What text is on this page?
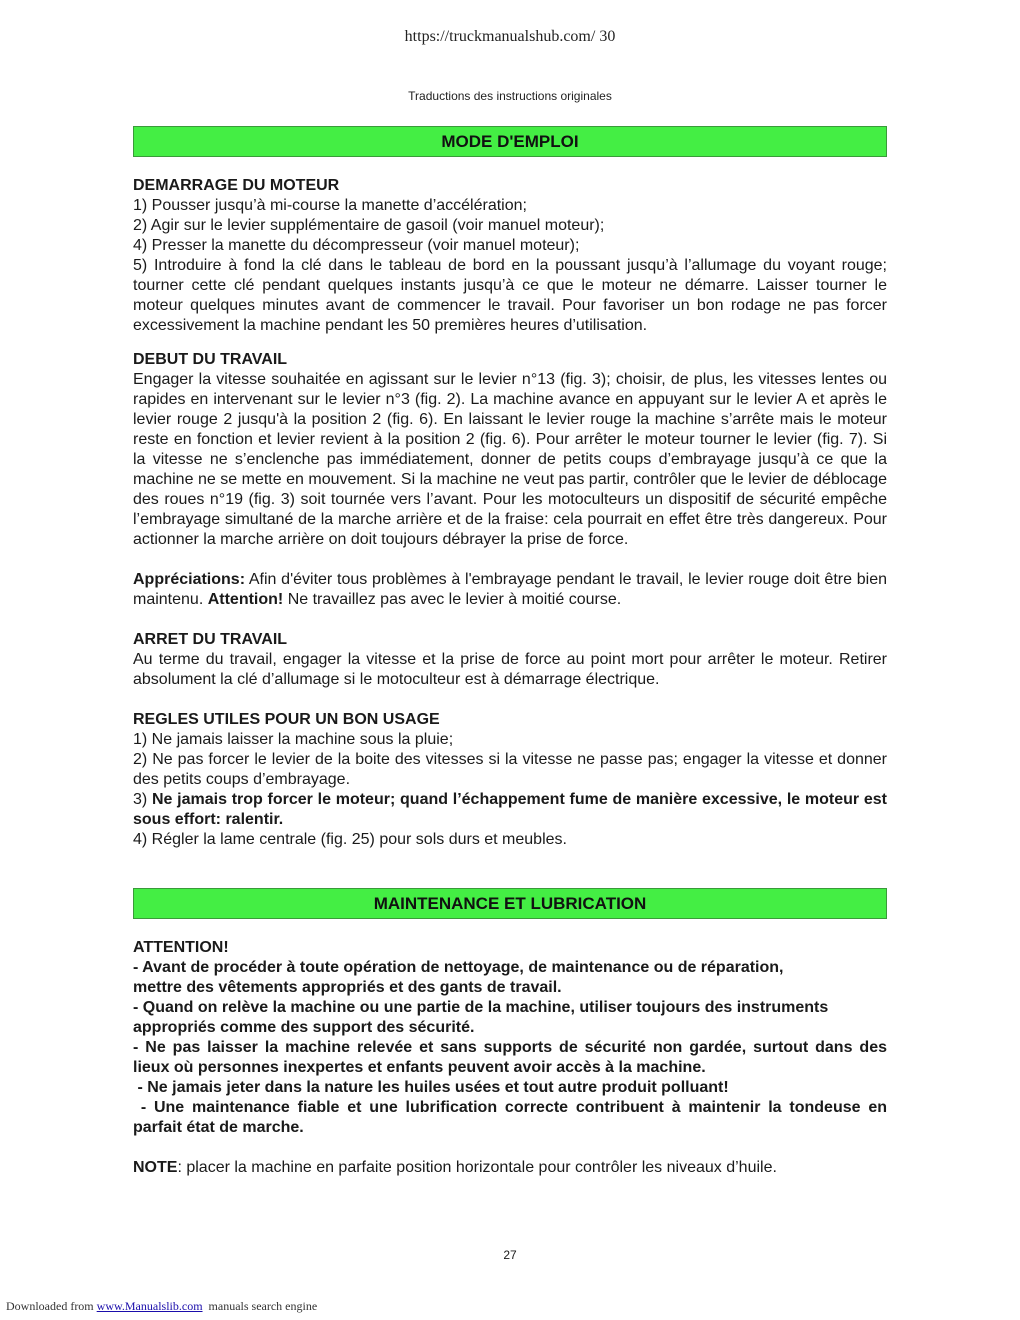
https://truckmanualshub.com/ 30
Traductions des instructions originales
MODE D'EMPLOI

DEMARRAGE DU MOTEUR

1) Pousser jusqu’à mi-course la manette d’accélération;

2) Agir sur le levier supplémentaire de gasoil (voir manuel moteur);

4) Presser la manette du décompresseur (voir manuel moteur);

5) Introduire à fond la clé dans le tableau de bord en la poussant jusqu’à l’allumage du voyant rouge; tourner cette clé pendant quelques instants jusqu’à ce que le moteur ne démarre. Laisser tourner le moteur quelques minutes avant de commencer le travail. Pour favoriser un bon rodage ne pas forcer excessivement la machine pendant les 50 premières heures d’utilisation.

DEBUT DU TRAVAIL

Engager la vitesse souhaitée en agissant sur le levier n°13 (fig. 3); choisir, de plus, les vitesses lentes ou rapides en intervenant sur le levier n°3 (fig. 2). La machine avance en appuyant sur le levier A et après le levier rouge 2 jusqu'à la position 2 (fig. 6). En laissant le levier rouge la machine s’arrête mais le moteur reste en fonction et levier revient à la position 2 (fig. 6). Pour arrêter le moteur tourner le levier (fig. 7). Si la vitesse ne s’enclenche pas immédiatement, donner de petits coups d’embrayage jusqu’à ce que la machine ne se mette en mouvement. Si la machine ne veut pas partir, contrôler que le levier de déblocage des roues n°19 (fig. 3) soit tournée vers l’avant. Pour les motoculteurs un dispositif de sécurité empêche l’embrayage simultané de la marche arrière et de la fraise: cela pourrait en effet être très dangereux. Pour actionner la marche arrière on doit toujours débrayer la prise de force.

Appréciations: Afin d'éviter tous problèmes à l'embrayage pendant le travail, le levier rouge doit être bien maintenu. Attention! Ne travaillez pas avec le levier à moitié course.

ARRET DU TRAVAIL

Au terme du travail, engager la vitesse et la prise de force au point mort pour arrêter le moteur. Retirer absolument la clé d’allumage si le motoculteur est à démarrage électrique.

REGLES UTILES POUR UN BON USAGE

1) Ne jamais laisser la machine sous la pluie;

2) Ne pas forcer le levier de la boite des vitesses si la vitesse ne passe pas; engager la vitesse et donner des petits coups d’embrayage.

3) Ne jamais trop forcer le moteur; quand l’échappement fume de manière excessive, le moteur est sous effort: ralentir.

4) Régler la lame centrale (fig. 25) pour sols durs et meubles.

MAINTENANCE ET LUBRICATION

ATTENTION!

- Avant de procéder à toute opération de nettoyage, de maintenance ou de réparation, mettre des vêtements appropriés et des gants de travail.

- Quand on relève la machine ou une partie de la machine, utiliser toujours des instruments appropriés comme des support des sécurité.

- Ne pas laisser la machine relevée et sans supports de sécurité non gardée, surtout dans des lieux où personnes inexpertes et enfants peuvent avoir accès à la machine.

- Ne jamais jeter dans la nature les huiles usées et tout autre produit polluant!

- Une maintenance fiable et une lubrification correcte contribuent à maintenir la tondeuse en parfait état de marche.

NOTE: placer la machine en parfaite position horizontale pour contrôler les niveaux d’huile.

27
Downloaded from www.Manualslib.com  manuals search engine
